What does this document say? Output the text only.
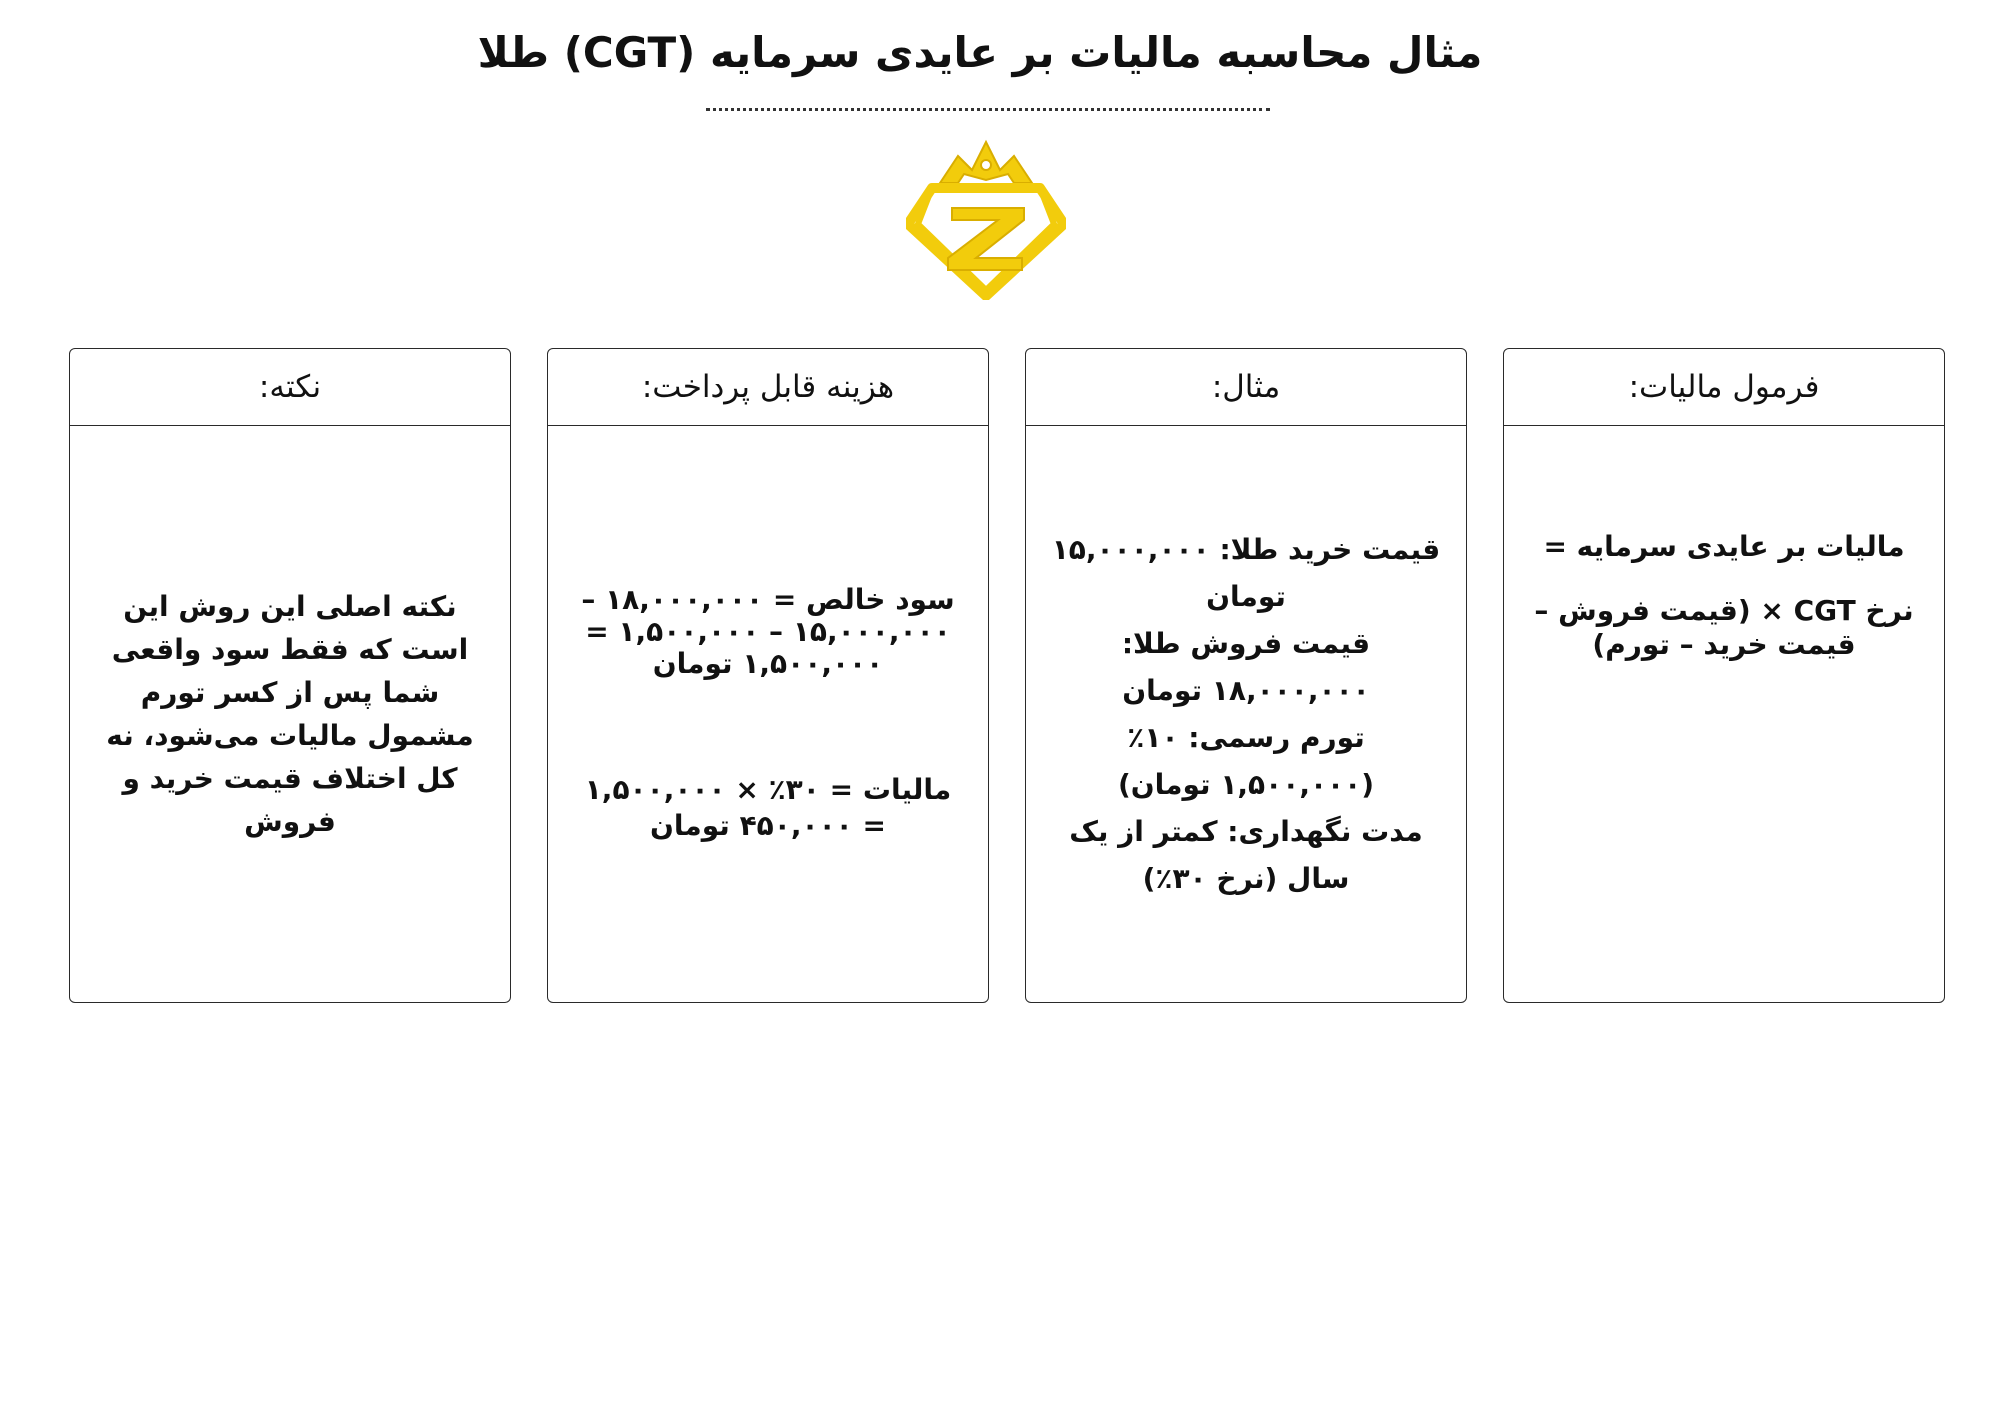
مثال محاسبه مالیات بر عایدی سرمایه (CGT) طلا
فرمول مالیات:

مالیات بر عایدی سرمایه =

نرخ CGT × (قیمت فروش – قیمت خرید – تورم)

مثال:

قیمت خرید طلا: ۱۵,۰۰۰,۰۰۰ تومان

قیمت فروش طلا: ۱۸,۰۰۰,۰۰۰ تومان

تورم رسمی: ۱۰٪ (۱,۵۰۰,۰۰۰ تومان)

مدت نگهداری: کمتر از یک سال (نرخ ۳۰٪)

هزینه قابل پرداخت:

سود خالص = ۱۸,۰۰۰,۰۰۰ – ۱۵,۰۰۰,۰۰۰ – ۱,۵۰۰,۰۰۰ = ۱,۵۰۰,۰۰۰ تومان

مالیات = ۳۰٪ × ۱,۵۰۰,۰۰۰ = ۴۵۰,۰۰۰ تومان

نکته:

نکته اصلی این روش این است که فقط سود واقعی شما پس از کسر تورم مشمول مالیات می‌شود، نه کل اختلاف قیمت خرید و فروش
